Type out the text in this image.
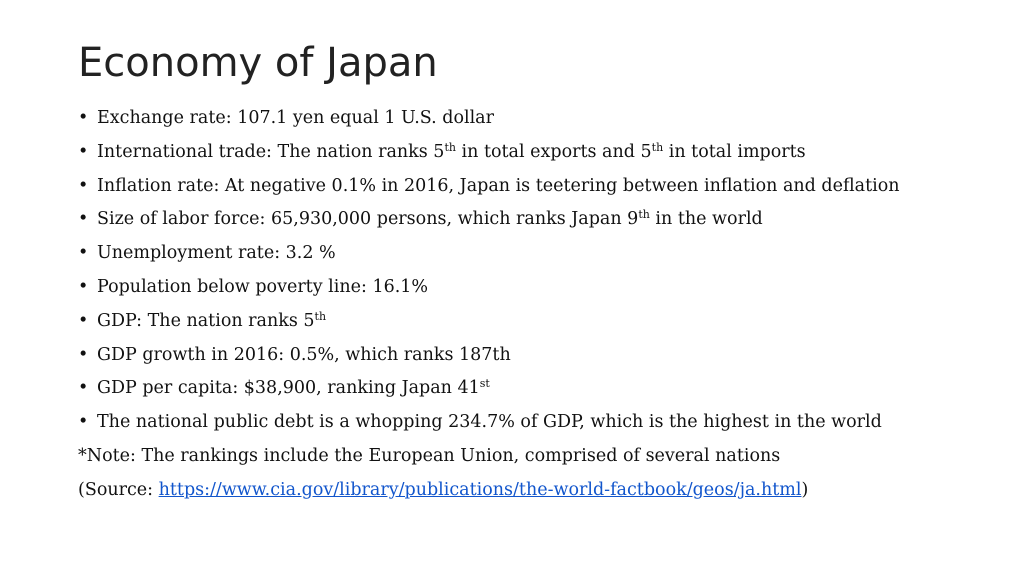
Economy of Japan
• Exchange rate: 107.1 yen equal 1 U.S. dollar
• International trade: The nation ranks 5th in total exports and 5th in total imports
• Inflation rate: At negative 0.1% in 2016, Japan is teetering between inflation and deflation
• Size of labor force: 65,930,000 persons, which ranks Japan 9th in the world
• Unemployment rate: 3.2 %
• Population below poverty line: 16.1%
• GDP: The nation ranks 5th
• GDP growth in 2016: 0.5%, which ranks 187th
• GDP per capita: $38,900, ranking Japan 41st
• The national public debt is a whopping 234.7% of GDP, which is the highest in the world
*Note: The rankings include the European Union, comprised of several nations
(Source: https://www.cia.gov/library/publications/the-world-factbook/geos/ja.html)
